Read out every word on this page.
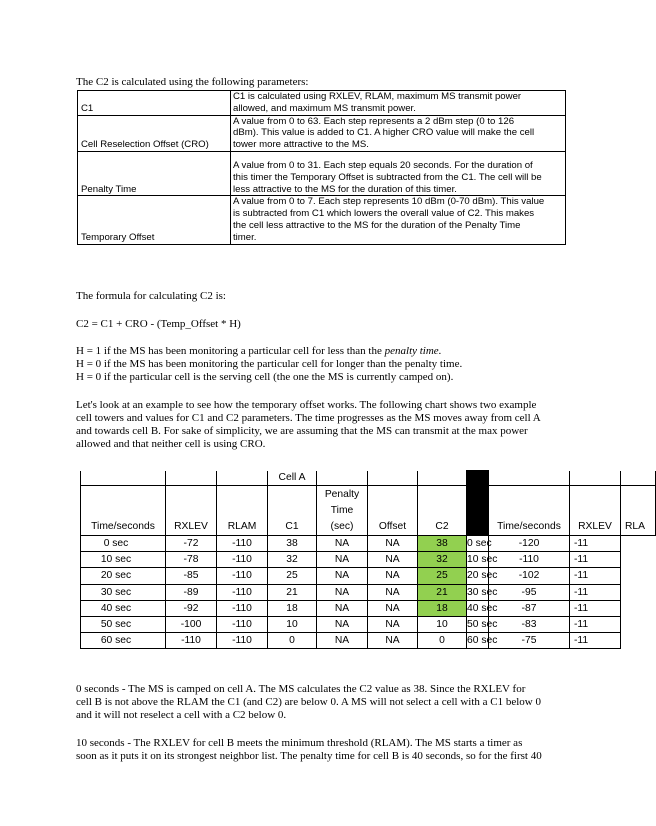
The C2 is calculated using the following parameters:
C1	C1 is calculated using RXLEV, RLAM, maximum MS transmit power
allowed, and maximum MS transmit power.

Cell Reselection Offset (CRO)	A value from 0 to 63. Each step represents a 2 dBm step (0 to 126
dBm). This value is added to C1. A higher CRO value will make the cell
tower more attractive to the MS.

Penalty Time	A value from 0 to 31. Each step equals 20 seconds. For the duration of
this timer the Temporary Offset is subtracted from the C1. The cell will be
less attractive to the MS for the duration of this timer.

Temporary Offset	A value from 0 to 7. Each step represents 10 dBm (0-70 dBm). This value
is subtracted from C1 which lowers the overall value of C2. This makes
the cell less attractive to the MS for the duration of the Penalty Time
timer.
The formula for calculating C2 is:
C2 = C1 + CRO - (Temp_Offset * H)
H = 1 if the MS has been monitoring a particular cell for less than the penalty time.
H = 0 if the MS has been monitoring the particular cell for longer than the penalty time.
H = 0 if the particular cell is the serving cell (the one the MS is currently camped on).
Let's look at an example to see how the temporary offset works. The following chart shows two example
cell towers and values for C1 and C2 parameters. The time progresses as the MS moves away from cell A
and towards cell B. For sake of simplicity, we are assuming that the MS can transmit at the max power
allowed and that neither cell is using CRO.
			Cell A							
Time/seconds	RXLEV	RLAM	C1	Penalty
Time
(sec)	Offset	C2		Time/seconds	RXLEV	RLA
0 sec	-72	-110	38	NA	NA	38	0 sec	-120	-11	
10 sec	-78	-110	32	NA	NA	32	10 sec	-110	-11	
20 sec	-85	-110	25	NA	NA	25	20 sec	-102	-11	
30 sec	-89	-110	21	NA	NA	21	30 sec	-95	-11	
40 sec	-92	-110	18	NA	NA	18	40 sec	-87	-11	
50 sec	-100	-110	10	NA	NA	10	50 sec	-83	-11	
60 sec	-110	-110	0	NA	NA	0	60 sec	-75	-11	
0 seconds - The MS is camped on cell A. The MS calculates the C2 value as 38. Since the RXLEV for
cell B is not above the RLAM the C1 (and C2) are below 0. A MS will not select a cell with a C1 below 0
and it will not reselect a cell with a C2 below 0.
10 seconds - The RXLEV for cell B meets the minimum threshold (RLAM). The MS starts a timer as
soon as it puts it on its strongest neighbor list. The penalty time for cell B is 40 seconds, so for the first 40
